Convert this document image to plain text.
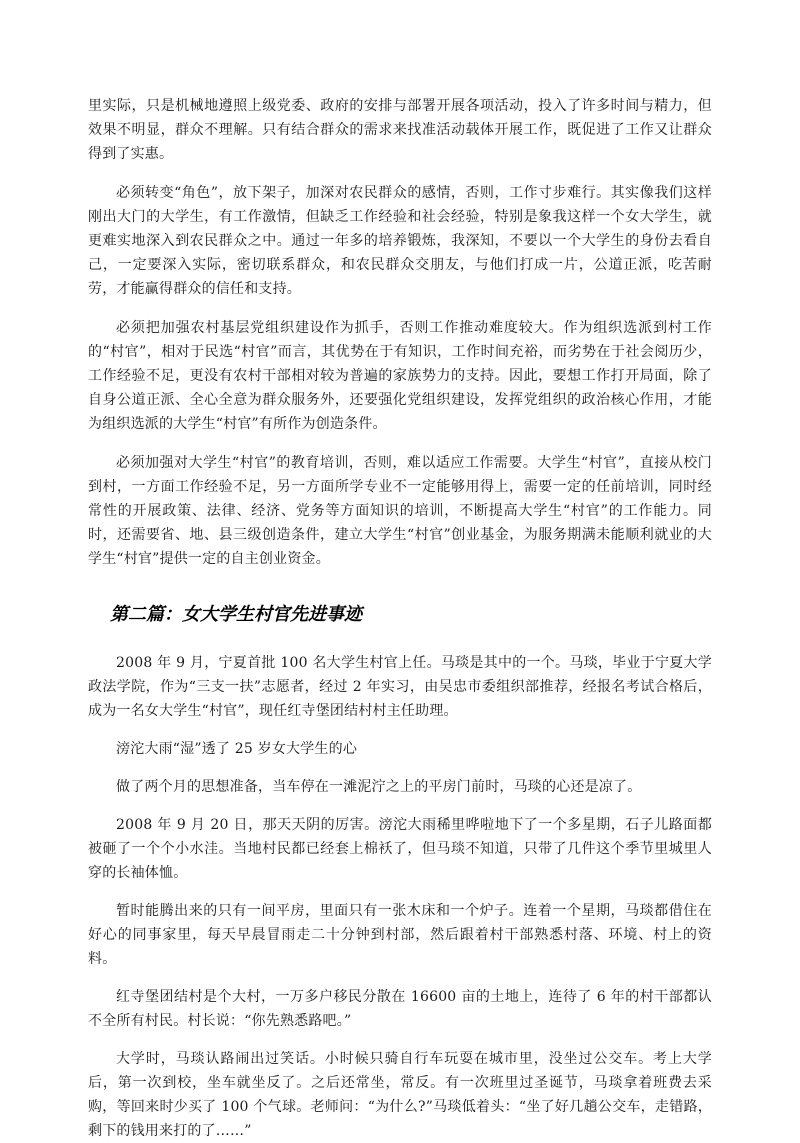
里实际，只是机械地遵照上级党委、政府的安排与部署开展各项活动，投入了许多时间与精力，但效果不明显，群众不理解。只有结合群众的需求来找准活动载体开展工作，既促进了工作又让群众得到了实惠。

必须转变“角色”，放下架子，加深对农民群众的感情，否则，工作寸步难行。其实像我们这样刚出大门的大学生，有工作激情，但缺乏工作经验和社会经验，特别是象我这样一个女大学生，就更难实地深入到农民群众之中。通过一年多的培养锻炼，我深知，不要以一个大学生的身份去看自己，一定要深入实际，密切联系群众，和农民群众交朋友，与他们打成一片，公道正派，吃苦耐劳，才能赢得群众的信任和支持。

必须把加强农村基层党组织建设作为抓手，否则工作推动难度较大。作为组织选派到村工作的“村官”，相对于民选“村官”而言，其优势在于有知识，工作时间充裕，而劣势在于社会阅历少，工作经验不足，更没有农村干部相对较为普遍的家族势力的支持。因此，要想工作打开局面，除了自身公道正派、全心全意为群众服务外，还要强化党组织建设，发挥党组织的政治核心作用，才能为组织选派的大学生“村官”有所作为创造条件。

必须加强对大学生“村官”的教育培训，否则，难以适应工作需要。大学生“村官”，直接从校门到村，一方面工作经验不足，另一方面所学专业不一定能够用得上，需要一定的任前培训，同时经常性的开展政策、法律、经济、党务等方面知识的培训，不断提高大学生“村官”的工作能力。同时，还需要省、地、县三级创造条件，建立大学生“村官”创业基金，为服务期满未能顺利就业的大学生“村官”提供一定的自主创业资金。

第二篇：女大学生村官先进事迹

2008 年 9 月，宁夏首批 100 名大学生村官上任。马琰是其中的一个。马琰，毕业于宁夏大学政法学院，作为“三支一扶”志愿者，经过 2 年实习，由吴忠市委组织部推荐，经报名考试合格后，成为一名女大学生“村官”，现任红寺堡团结村村主任助理。

滂沱大雨“湿”透了 25 岁女大学生的心

做了两个月的思想准备，当车停在一滩泥泞之上的平房门前时，马琰的心还是凉了。

2008 年 9 月 20 日，那天天阴的厉害。滂沱大雨稀里哗啦地下了一个多星期，石子儿路面都被砸了一个个小水洼。当地村民都已经套上棉袄了，但马琰不知道，只带了几件这个季节里城里人穿的长袖体恤。

暂时能腾出来的只有一间平房，里面只有一张木床和一个炉子。连着一个星期，马琰都借住在好心的同事家里，每天早晨冒雨走二十分钟到村部，然后跟着村干部熟悉村落、环境、村上的资料。

红寺堡团结村是个大村，一万多户移民分散在 16600 亩的土地上，连待了 6 年的村干部都认不全所有村民。村长说：“你先熟悉路吧。”

大学时，马琰认路闹出过笑话。小时候只骑自行车玩耍在城市里，没坐过公交车。考上大学后，第一次到校，坐车就坐反了。之后还常坐，常反。有一次班里过圣诞节，马琰拿着班费去采购，等回来时少买了 100 个气球。老师问：“为什么?”马琰低着头：“坐了好几趟公交车，走错路，剩下的钱用来打的了……”
